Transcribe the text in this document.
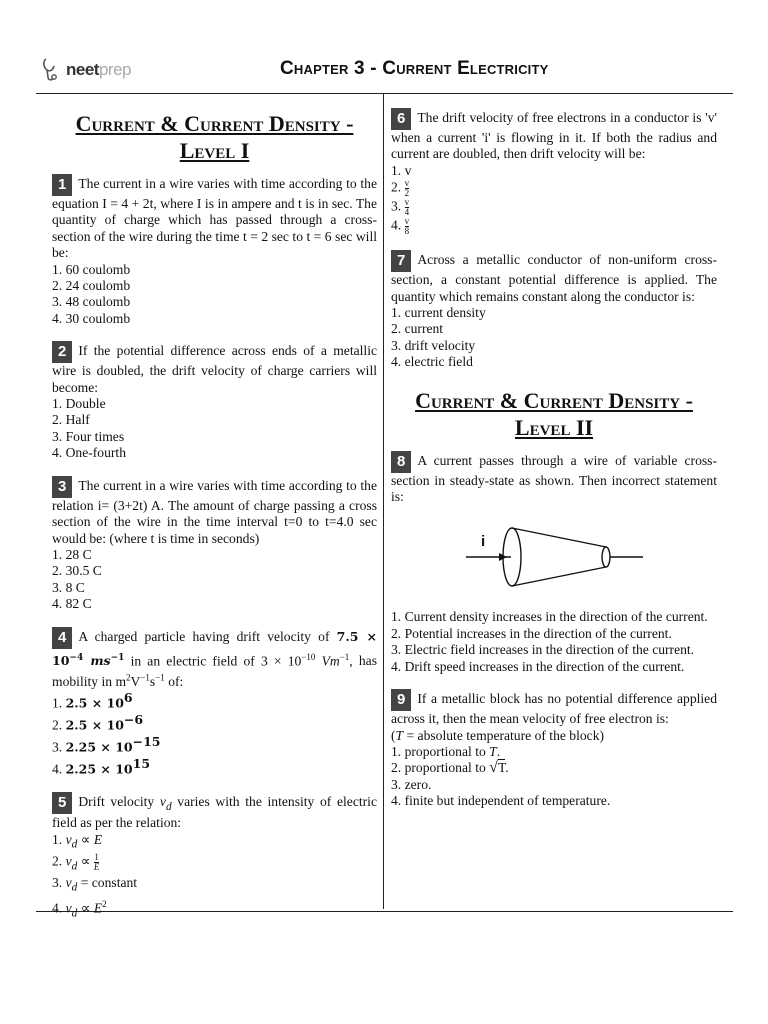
neet prep	Chapter 3 - Current Electricity
Current & Current Density - Level I
1 The current in a wire varies with time according to the equation I = 4 + 2t, where I is in ampere and t is in sec. The quantity of charge which has passed through a cross-section of the wire during the time t = 2 sec to t = 6 sec will be:
1. 60 coulomb
2. 24 coulomb
3. 48 coulomb
4. 30 coulomb
2 If the potential difference across ends of a metallic wire is doubled, the drift velocity of charge carriers will become:
1. Double
2. Half
3. Four times
4. One-fourth
3 The current in a wire varies with time according to the relation i= (3+2t) A. The amount of charge passing a cross section of the wire in the time interval t=0 to t=4.0 sec would be: (where t is time in seconds)
1. 28 C
2. 30.5 C
3. 8 C
4. 82 C
4 A charged particle having drift velocity of $7.5 \times 10^{-4}$ $ms^{-1}$ in an electric field of $3 \times 10^{-10}$ $Vm^{-1}$, has mobility in $m^2V^{-1}s^{-1}$ of:
1. $2.5 \times 10^6$
2. $2.5 \times 10^{-6}$
3. $2.25 \times 10^{-15}$
4. $2.25 \times 10^{15}$
5 Drift velocity $v_d$ varies with the intensity of electric field as per the relation:
1. $v_d \propto E$
2. $v_d \propto \frac{1}{E}$
3. $v_d$ = constant
4. $v_d \propto E^2$
6 The drift velocity of free electrons in a conductor is 'v' when a current 'i' is flowing in it. If both the radius and current are doubled, then drift velocity will be:
1. v
2. $\frac{v}{2}$
3. $\frac{v}{4}$
4. $\frac{v}{8}$
7 Across a metallic conductor of non-uniform cross-section, a constant potential difference is applied. The quantity which remains constant along the conductor is:
1. current density
2. current
3. drift velocity
4. electric field
Current & Current Density - Level II
8 A current passes through a wire of variable cross-section in steady-state as shown. Then incorrect statement is:
i
1. Current density increases in the direction of the current.
2. Potential increases in the direction of the current.
3. Electric field increases in the direction of the current.
4. Drift speed increases in the direction of the current.
9 If a metallic block has no potential difference applied across it, then the mean velocity of free electron is:
(T = absolute temperature of the block)
1. proportional to T.
2. proportional to √T.
3. zero.
4. finite but independent of temperature.
